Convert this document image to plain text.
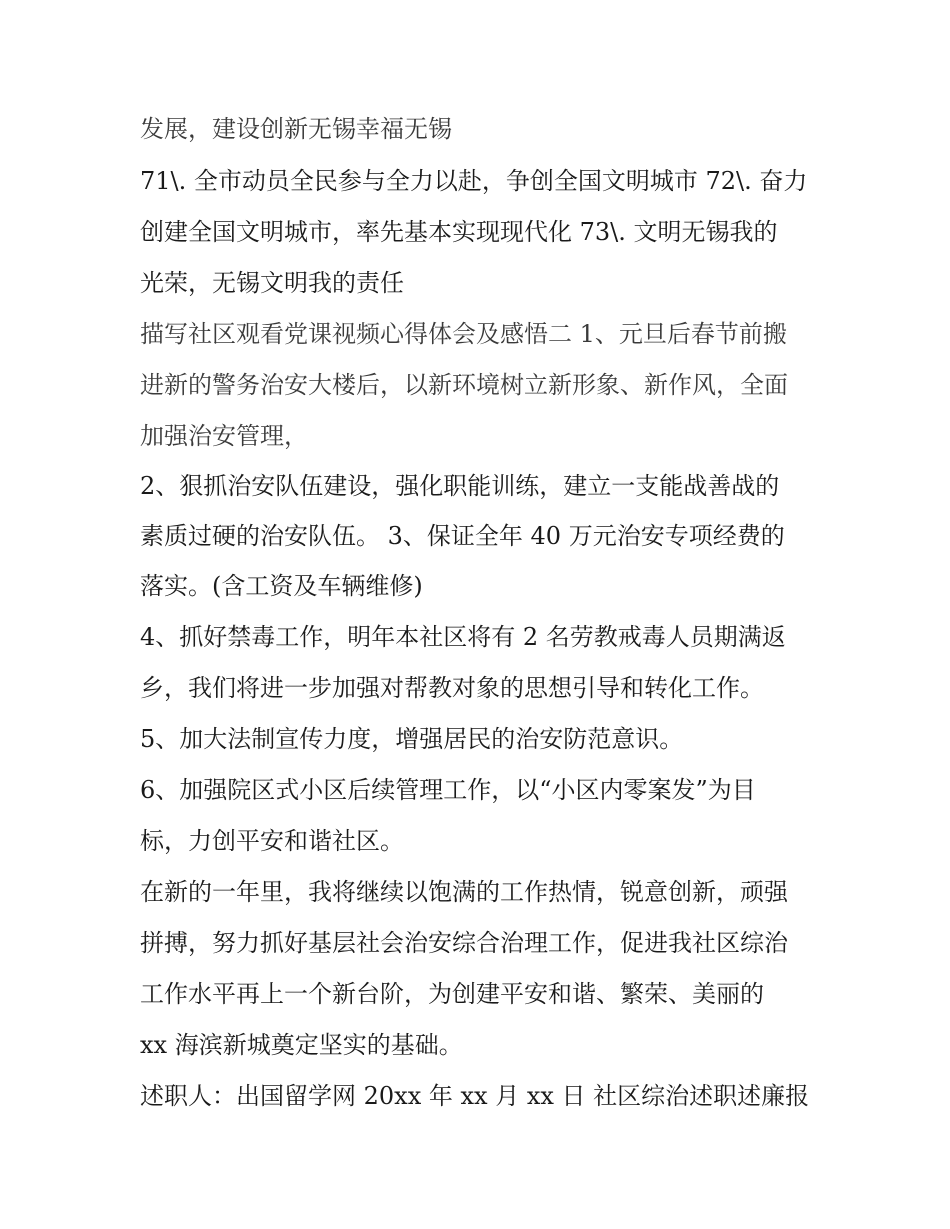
发展，建设创新无锡幸福无锡
71\. 全市动员全民参与全力以赴，争创全国文明城市 72\. 奋力
创建全国文明城市，率先基本实现现代化 73\. 文明无锡我的
光荣，无锡文明我的责任
描写社区观看党课视频心得体会及感悟二 1、元旦后春节前搬
进新的警务治安大楼后，以新环境树立新形象、新作风，全面
加强治安管理，
2、狠抓治安队伍建设，强化职能训练，建立一支能战善战的
素质过硬的治安队伍。 3、保证全年 40 万元治安专项经费的
落实。(含工资及车辆维修)
4、抓好禁毒工作，明年本社区将有 2 名劳教戒毒人员期满返
乡，我们将进一步加强对帮教对象的思想引导和转化工作。
5、加大法制宣传力度，增强居民的治安防范意识。
6、加强院区式小区后续管理工作，以“小区内零案发”为目
标，力创平安和谐社区。
在新的一年里，我将继续以饱满的工作热情，锐意创新，顽强
拼搏，努力抓好基层社会治安综合治理工作，促进我社区综治
工作水平再上一个新台阶，为创建平安和谐、繁荣、美丽的
xx 海滨新城奠定坚实的基础。
述职人：出国留学网 20xx 年 xx 月 xx 日 社区综治述职述廉报
